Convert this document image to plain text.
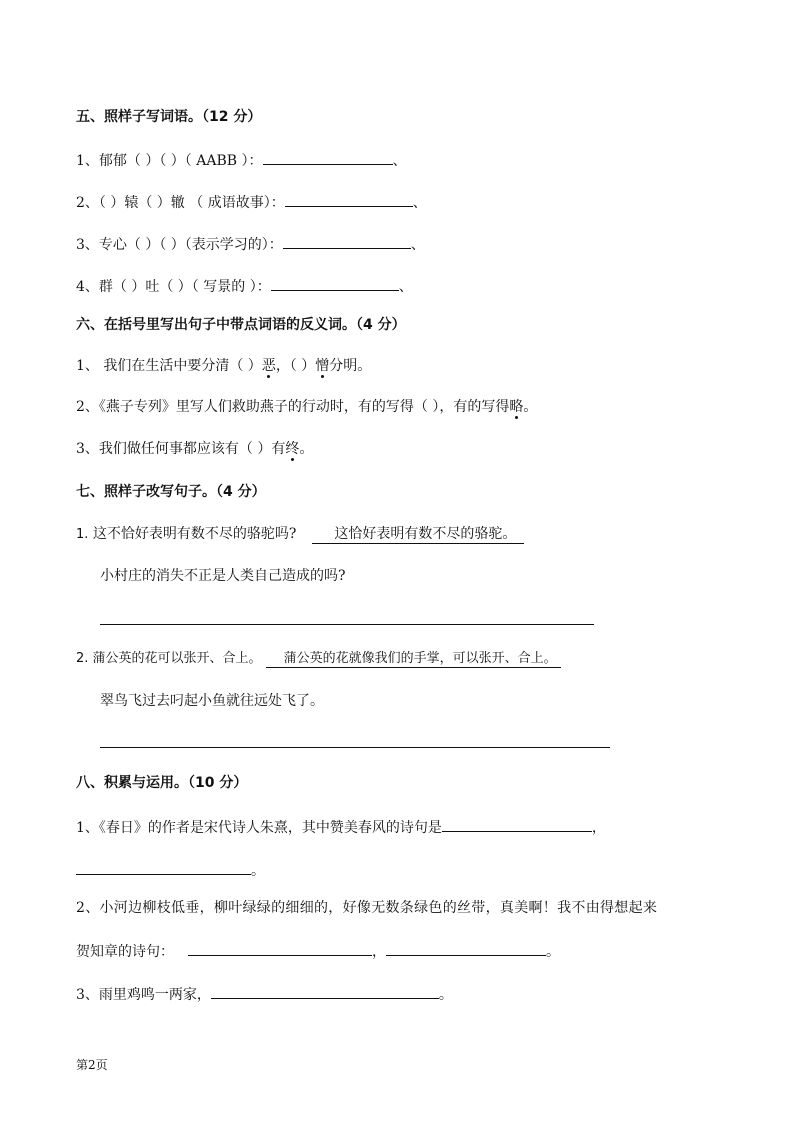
五、照样子写词语。（12 分）
1、郁郁（ ）（ ）（ AABB ）：	、
2、（ ）辕（ ）辙 （ 成语故事）：	、
3、专心（ ）（ ）（表示学习的）：	、
4、群（ ）吐（ ）（ 写景的 ）：	、
六、在括号里写出句子中带点词语的反义词。（4 分）
1、 我们在生活中要分清（ ）恶，（ ）憎分明。
2、《燕子专列》里写人们救助燕子的行动时，有的写得（ ），有的写得略。
3、我们做任何事都应该有（ ）有终。
七、照样子改写句子。（4 分）
1. 这不恰好表明有数不尽的骆驼吗?	这恰好表明有数不尽的骆驼。
小村庄的消失不正是人类自己造成的吗?
2. 蒲公英的花可以张开、合上。 蒲公英的花就像我们的手掌，可以张开、合上。
翠鸟飞过去叼起小鱼就往远处飞了。
八、积累与运用。（10 分）
1、《春日》的作者是宋代诗人朱熹，其中赞美春风的诗句是	，
。
2、小河边柳枝低垂，柳叶绿绿的细细的，好像无数条绿色的丝带，真美啊！我不由得想起来
贺知章的诗句：	，	。
3、雨里鸡鸣一两家，	。
第2页
